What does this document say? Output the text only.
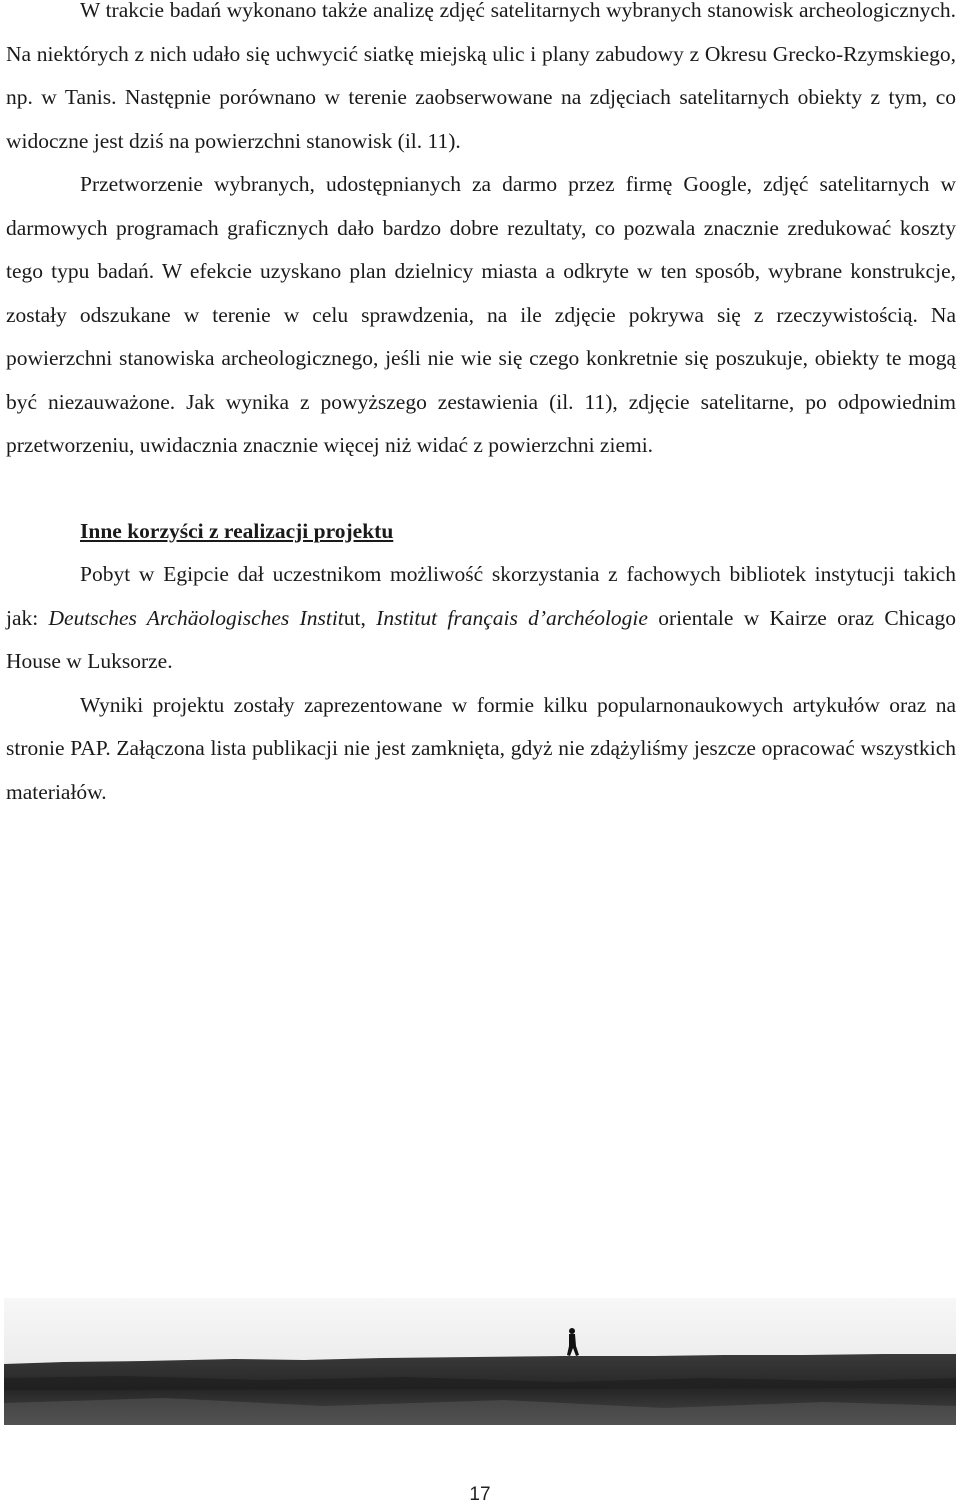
W trakcie badań wykonano także analizę zdjęć satelitarnych wybranych stanowisk archeologicznych. Na niektórych z nich udało się uchwycić siatkę miejską ulic i plany zabudowy z Okresu Grecko-Rzymskiego, np. w Tanis. Następnie porównano w terenie zaobserwowane na zdjęciach satelitarnych obiekty z tym, co widoczne jest dziś na powierzchni stanowisk (il. 11).

Przetworzenie wybranych, udostępnianych za darmo przez firmę Google, zdjęć satelitarnych w darmowych programach graficznych dało bardzo dobre rezultaty, co pozwala znacznie zredukować koszty tego typu badań. W efekcie uzyskano plan dzielnicy miasta a odkryte w ten sposób, wybrane konstrukcje, zostały odszukane w terenie w celu sprawdzenia, na ile zdjęcie pokrywa się z rzeczywistością. Na powierzchni stanowiska archeologicznego, jeśli nie wie się czego konkretnie się poszukuje, obiekty te mogą być niezauważone. Jak wynika z powyższego zestawienia (il. 11), zdjęcie satelitarne, po odpowiednim przetworzeniu, uwidacznia znacznie więcej niż widać z powierzchni ziemi.

Inne korzyści z realizacji projektu

Pobyt w Egipcie dał uczestnikom możliwość skorzystania z fachowych bibliotek instytucji takich jak: Deutsches Archäologisches Institut, Institut français d’archéologie orientale w Kairze oraz Chicago House w Luksorze.

Wyniki projektu zostały zaprezentowane w formie kilku popularnonaukowych artykułów oraz na stronie PAP. Załączona lista publikacji nie jest zamknięta, gdyż nie zdążyliśmy jeszcze opracować wszystkich materiałów.

17
